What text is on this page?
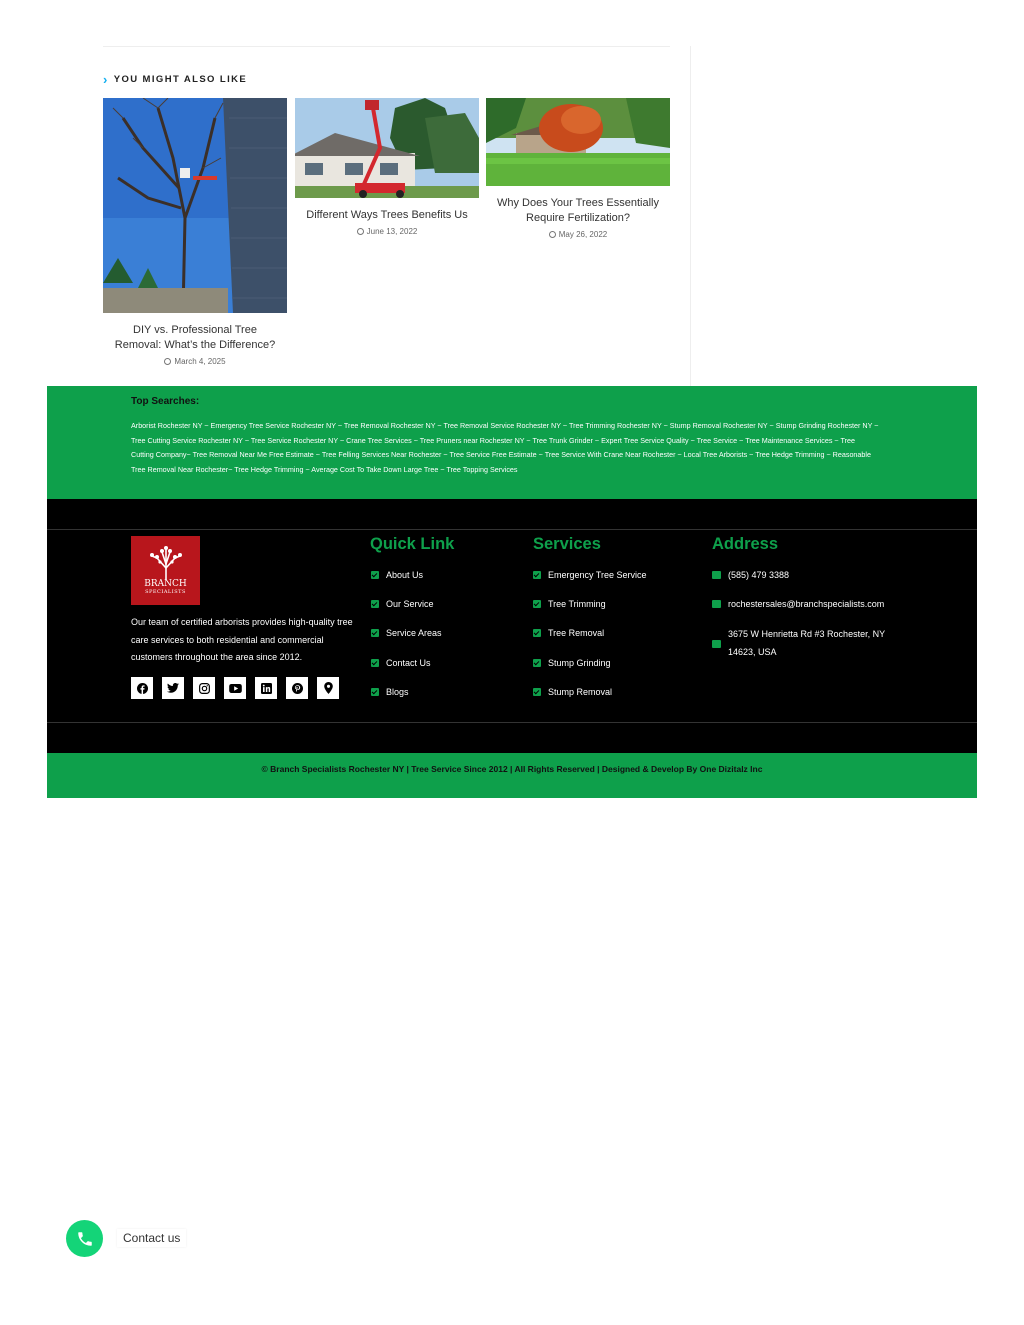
› YOU MIGHT ALSO LIKE
DIY vs. Professional Tree Removal: What’s the Difference?
March 4, 2025
Different Ways Trees Benefits Us
June 13, 2022
Why Does Your Trees Essentially Require Fertilization?
May 26, 2022
Top Searches:
Arborist Rochester NY ~ Emergency Tree Service Rochester NY ~ Tree Removal Rochester NY ~ Tree Removal Service Rochester NY ~ Tree Trimming Rochester NY ~ Stump Removal Rochester NY ~ Stump Grinding Rochester NY ~ Tree Cutting Service Rochester NY ~ Tree Service Rochester NY ~ Crane Tree Services ~ Tree Pruners near Rochester NY ~ Tree Trunk Grinder ~ Expert Tree Service Quality ~ Tree Service ~ Tree Maintenance Services ~ Tree Cutting Company~ Tree Removal Near Me Free Estimate ~ Tree Felling Services Near Rochester ~ Tree Service Free Estimate ~ Tree Service With Crane Near Rochester ~ Local Tree Arborists ~ Tree Hedge Trimming ~ Reasonable Tree Removal Near Rochester~ Tree Hedge Trimming ~ Average Cost To Take Down Large Tree ~ Tree Topping Services
BRANCH
SPECIALISTS
Our team of certified arborists provides high-quality tree care services to both residential and commercial customers throughout the area since 2012.
Quick Link
About Us
Our Service
Service Areas
Contact Us
Blogs
Services
Emergency Tree Service
Tree Trimming
Tree Removal
Stump Grinding
Stump Removal
Address
(585) 479 3388
rochestersales@branchspecialists.com
3675 W Henrietta Rd #3 Rochester, NY 14623, USA
© Branch Specialists Rochester NY | Tree Service Since 2012 | All Rights Reserved | Designed & Develop By One Dizitalz Inc
Contact us
